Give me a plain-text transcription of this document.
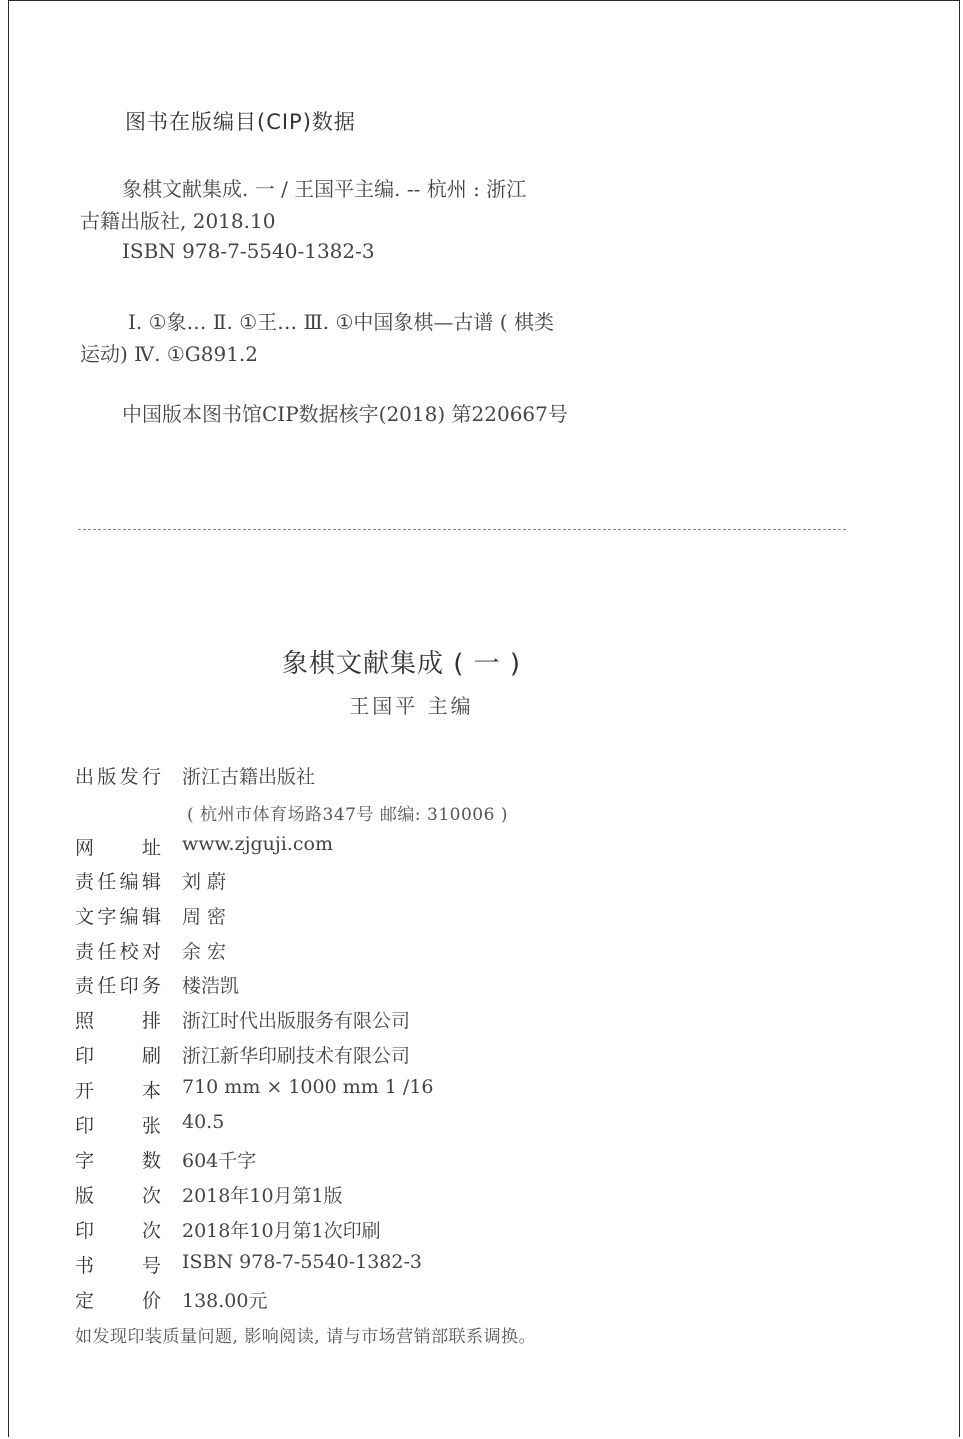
图书在版编目(CIP)数据
象棋文献集成. 一 / 王国平主编. -- 杭州 : 浙江
古籍出版社, 2018.10
ISBN 978-7-5540-1382-3
Ⅰ. ①象… Ⅱ. ①王… Ⅲ. ①中国象棋—古谱 ( 棋类
运动) Ⅳ. ①G891.2
中国版本图书馆CIP数据核字(2018) 第220667号
象棋文献集成 ( 一 )
王国平 主编
出 版 发 行 浙江古籍出版社
网	址 www.zjguji.com
责 任 编 辑 刘 蔚
文 字 编 辑 周 密
责 任 校 对 余 宏
责 任 印 务 楼浩凯
照	排 浙江时代出版服务有限公司
印	刷 浙江新华印刷技术有限公司
开	本 710 mm × 1000 mm 1 /16
印	张 40.5
字	数 604千字
版	次 2018年10月第1版
印	次 2018年10月第1次印刷
书	号 ISBN 978-7-5540-1382-3
定	价 138.00元
( 杭州市体育场路347号 邮编: 310006 )
如发现印装质量问题, 影响阅读, 请与市场营销部联系调换。
